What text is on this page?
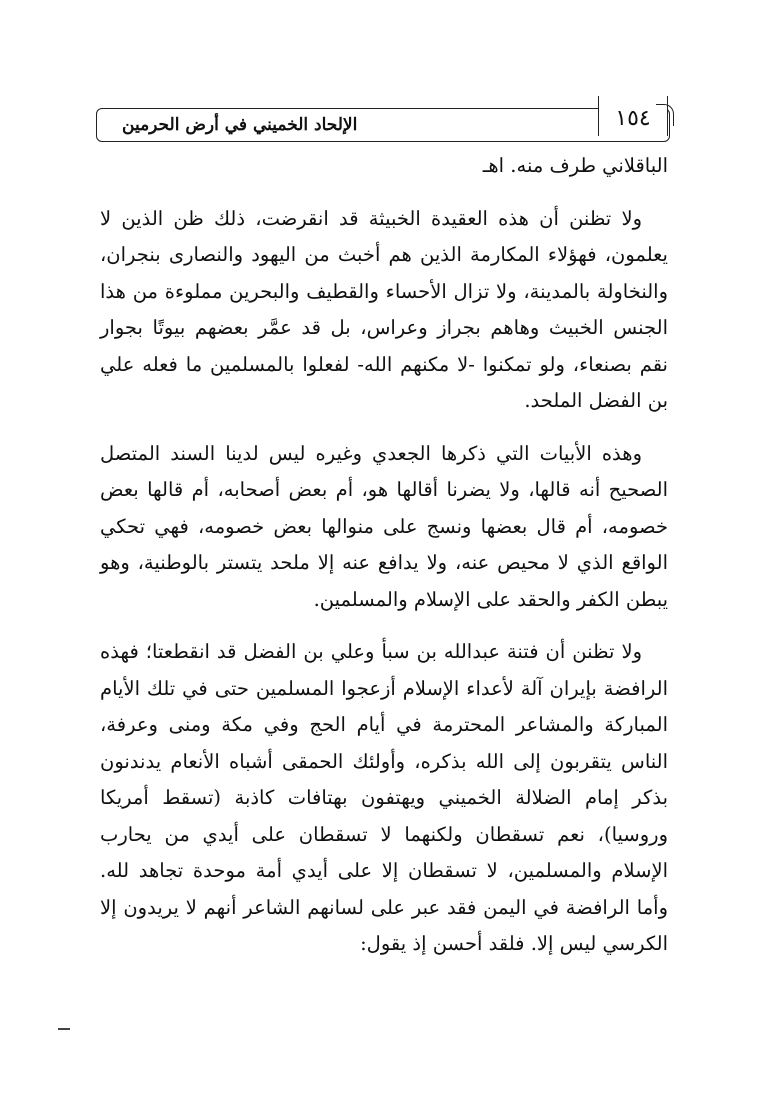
الإلحاد الخميني في أرض الحرمين	١٥٤

الباقلاني طرف منه. اهـ

ولا تظنن أن هذه العقيدة الخبيثة قد انقرضت، ذلك ظن الذين لا يعلمون، فهؤلاء المكارمة الذين هم أخبث من اليهود والنصارى بنجران، والنخاولة بالمدينة، ولا تزال الأحساء والقطيف والبحرين مملوءة من هذا الجنس الخبيث وهاهم بجراز وعراس، بل قد عمَّر بعضهم بيوتًا بجوار نقم بصنعاء، ولو تمكنوا -لا مكنهم الله- لفعلوا بالمسلمين ما فعله علي بن الفضل الملحد.

وهذه الأبيات التي ذكرها الجعدي وغيره ليس لدينا السند المتصل الصحيح أنه قالها، ولا يضرنا أقالها هو، أم بعض أصحابه، أم قالها بعض خصومه، أم قال بعضها ونسج على منوالها بعض خصومه، فهي تحكي الواقع الذي لا محيص عنه، ولا يدافع عنه إلا ملحد يتستر بالوطنية، وهو يبطن الكفر والحقد على الإسلام والمسلمين.

ولا تظنن أن فتنة عبدالله بن سبأ وعلي بن الفضل قد انقطعتا؛ فهذه الرافضة بإيران آلة لأعداء الإسلام أزعجوا المسلمين حتى في تلك الأيام المباركة والمشاعر المحترمة في أيام الحج وفي مكة ومنى وعرفة، الناس يتقربون إلى الله بذكره، وأولئك الحمقى أشباه الأنعام يدندنون بذكر إمام الضلالة الخميني ويهتفون بهتافات كاذبة (تسقط أمريكا وروسيا)، نعم تسقطان ولكنهما لا تسقطان على أيدي من يحارب الإسلام والمسلمين، لا تسقطان إلا على أيدي أمة موحدة تجاهد لله. وأما الرافضة في اليمن فقد عبر على لسانهم الشاعر أنهم لا يريدون إلا الكرسي ليس إلا. فلقد أحسن إذ يقول:
